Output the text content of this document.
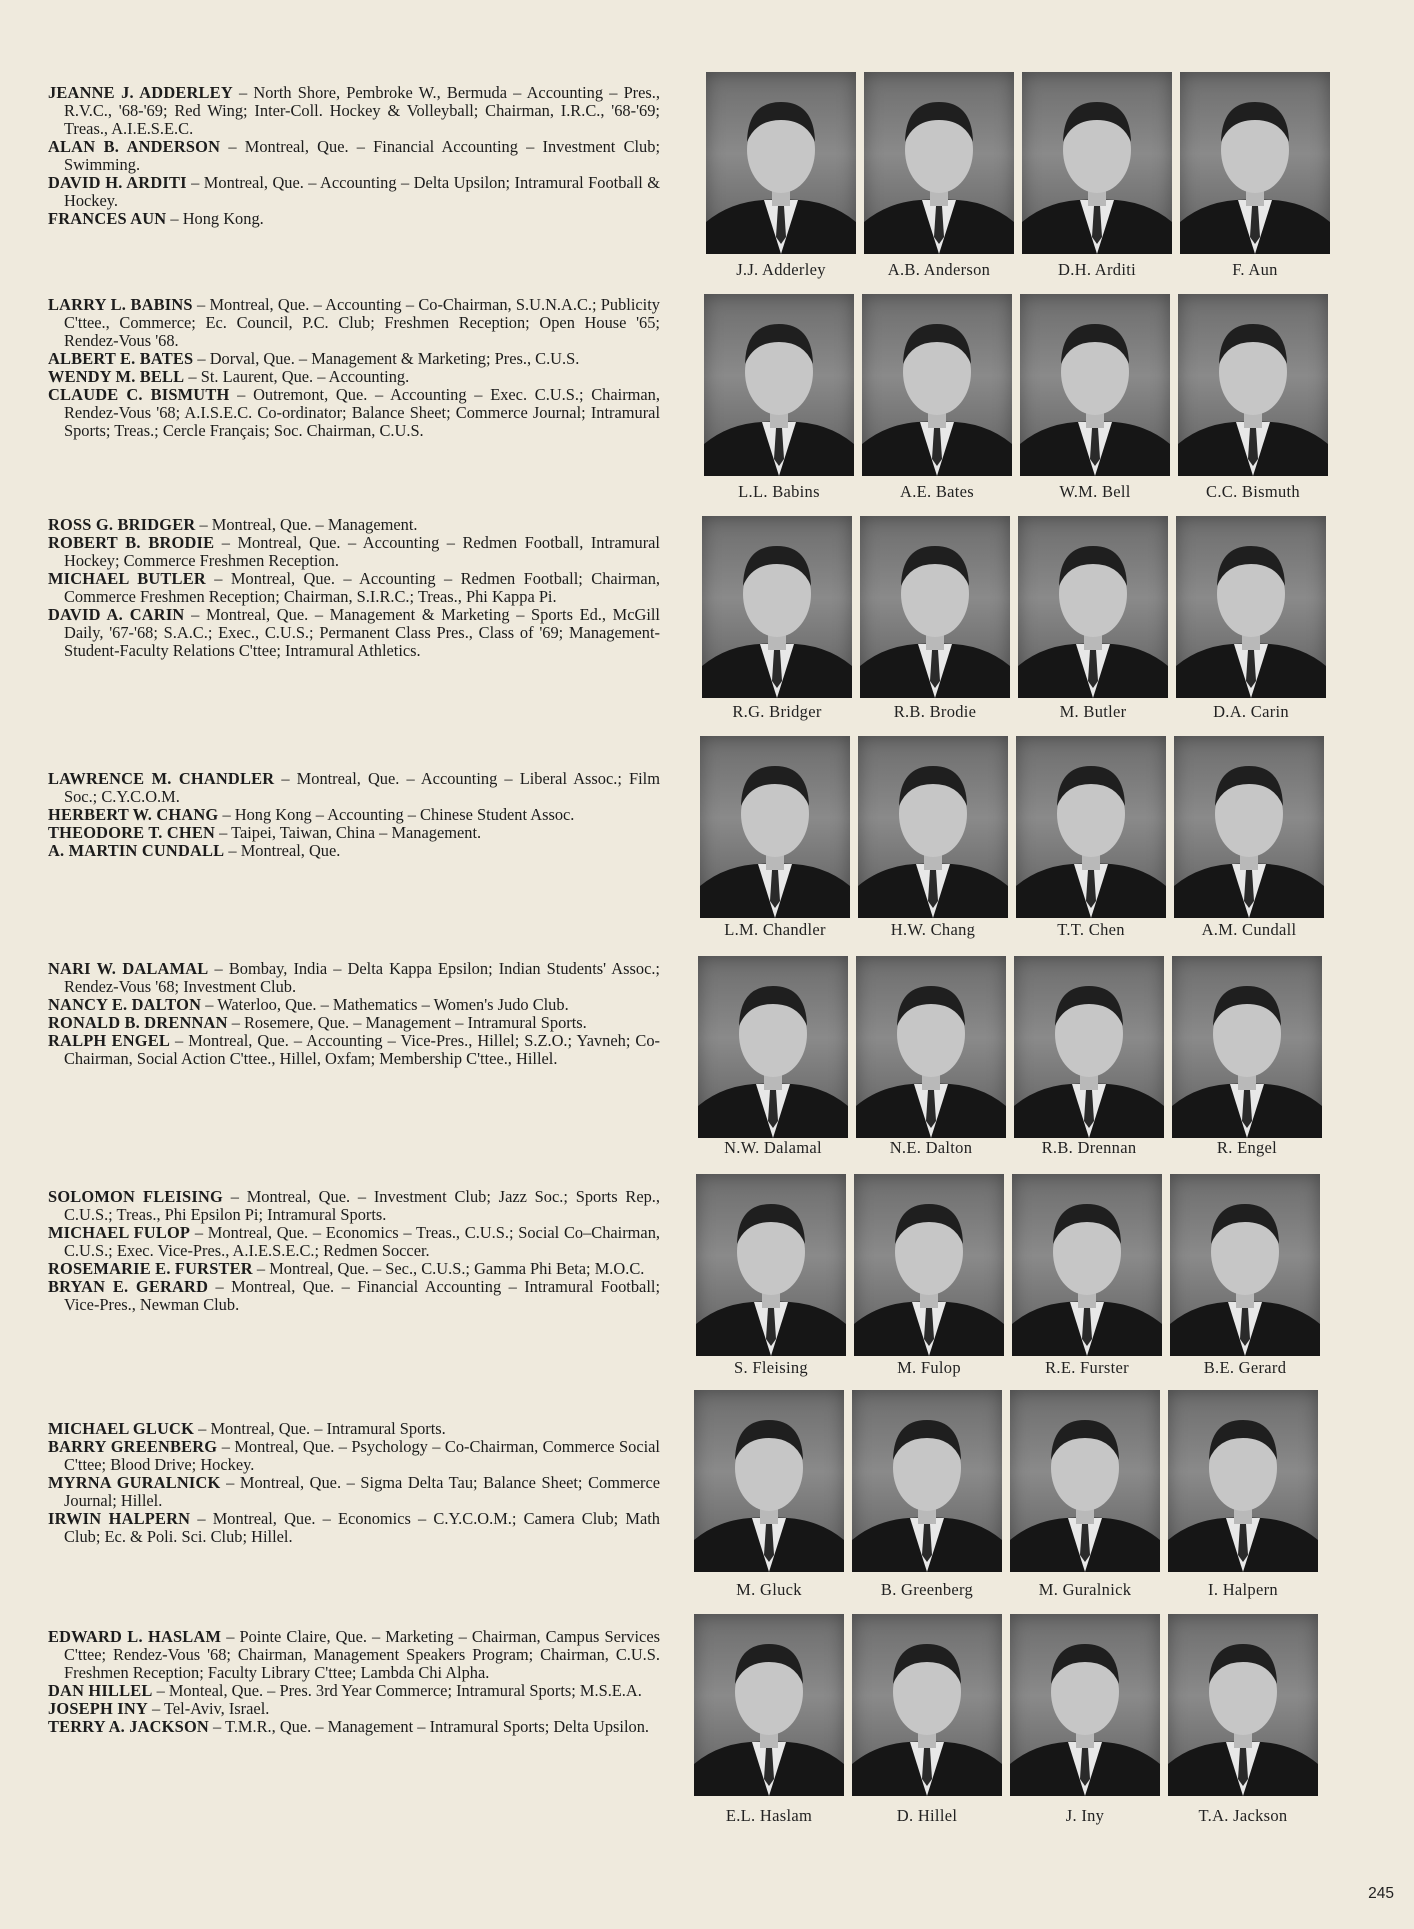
JEANNE J. ADDERLEY – North Shore, Pembroke W., Bermuda – Accounting – Pres., R.V.C., '68-'69; Red Wing; Inter-Coll. Hockey & Volleyball; Chairman, I.R.C., '68-'69; Treas., A.I.E.S.E.C.
ALAN B. ANDERSON – Montreal, Que. – Financial Accounting – Investment Club; Swimming.
DAVID H. ARDITI – Montreal, Que. – Accounting – Delta Upsilon; Intramural Football & Hockey.
FRANCES AUN – Hong Kong.
J.J. Adderley	A.B. Anderson	D.H. Arditi	F. Aun
LARRY L. BABINS – Montreal, Que. – Accounting – Co-Chairman, S.U.N.A.C.; Publicity C'ttee., Commerce; Ec. Council, P.C. Club; Freshmen Reception; Open House '65; Rendez-Vous '68.
ALBERT E. BATES – Dorval, Que. – Management & Marketing; Pres., C.U.S.
WENDY M. BELL – St. Laurent, Que. – Accounting.
CLAUDE C. BISMUTH – Outremont, Que. – Accounting – Exec. C.U.S.; Chairman, Rendez-Vous '68; A.I.S.E.C. Co-ordinator; Balance Sheet; Commerce Journal; Intramural Sports; Treas.; Cercle Français; Soc. Chairman, C.U.S.
L.L. Babins	A.E. Bates	W.M. Bell	C.C. Bismuth
ROSS G. BRIDGER – Montreal, Que. – Management.
ROBERT B. BRODIE – Montreal, Que. – Accounting – Redmen Football, Intramural Hockey; Commerce Freshmen Reception.
MICHAEL BUTLER – Montreal, Que. – Accounting – Redmen Football; Chairman, Commerce Freshmen Reception; Chairman, S.I.R.C.; Treas., Phi Kappa Pi.
DAVID A. CARIN – Montreal, Que. – Management & Marketing – Sports Ed., McGill Daily, '67-'68; S.A.C.; Exec., C.U.S.; Permanent Class Pres., Class of '69; Management-Student-Faculty Relations C'ttee; Intramural Athletics.
R.G. Bridger	R.B. Brodie	M. Butler	D.A. Carin
LAWRENCE M. CHANDLER – Montreal, Que. – Accounting – Liberal Assoc.; Film Soc.; C.Y.C.O.M.
HERBERT W. CHANG – Hong Kong – Accounting – Chinese Student Assoc.
THEODORE T. CHEN – Taipei, Taiwan, China – Management.
A. MARTIN CUNDALL – Montreal, Que.
L.M. Chandler	H.W. Chang	T.T. Chen	A.M. Cundall
NARI W. DALAMAL – Bombay, India – Delta Kappa Epsilon; Indian Students' Assoc.; Rendez-Vous '68; Investment Club.
NANCY E. DALTON – Waterloo, Que. – Mathematics – Women's Judo Club.
RONALD B. DRENNAN – Rosemere, Que. – Management – Intramural Sports.
RALPH ENGEL – Montreal, Que. – Accounting – Vice-Pres., Hillel; S.Z.O.; Yavneh; Co-Chairman, Social Action C'ttee., Hillel, Oxfam; Membership C'ttee., Hillel.
N.W. Dalamal	N.E. Dalton	R.B. Drennan	R. Engel
SOLOMON FLEISING – Montreal, Que. – Investment Club; Jazz Soc.; Sports Rep., C.U.S.; Treas., Phi Epsilon Pi; Intramural Sports.
MICHAEL FULOP – Montreal, Que. – Economics – Treas., C.U.S.; Social Co–Chairman, C.U.S.; Exec. Vice-Pres., A.I.E.S.E.C.; Redmen Soccer.
ROSEMARIE E. FURSTER – Montreal, Que. – Sec., C.U.S.; Gamma Phi Beta; M.O.C.
BRYAN E. GERARD – Montreal, Que. – Financial Accounting – Intramural Football; Vice-Pres., Newman Club.
S. Fleising	M. Fulop	R.E. Furster	B.E. Gerard
MICHAEL GLUCK – Montreal, Que. – Intramural Sports.
BARRY GREENBERG – Montreal, Que. – Psychology – Co-Chairman, Commerce Social C'ttee; Blood Drive; Hockey.
MYRNA GURALNICK – Montreal, Que. – Sigma Delta Tau; Balance Sheet; Commerce Journal; Hillel.
IRWIN HALPERN – Montreal, Que. – Economics – C.Y.C.O.M.; Camera Club; Math Club; Ec. & Poli. Sci. Club; Hillel.
M. Gluck	B. Greenberg	M. Guralnick	I. Halpern
EDWARD L. HASLAM – Pointe Claire, Que. – Marketing – Chairman, Campus Services C'ttee; Rendez-Vous '68; Chairman, Management Speakers Program; Chairman, C.U.S. Freshmen Reception; Faculty Library C'ttee; Lambda Chi Alpha.
DAN HILLEL – Monteal, Que. – Pres. 3rd Year Commerce; Intramural Sports; M.S.E.A.
JOSEPH INY – Tel-Aviv, Israel.
TERRY A. JACKSON – T.M.R., Que. – Management – Intramural Sports; Delta Upsilon.
E.L. Haslam	D. Hillel	J. Iny	T.A. Jackson
245
